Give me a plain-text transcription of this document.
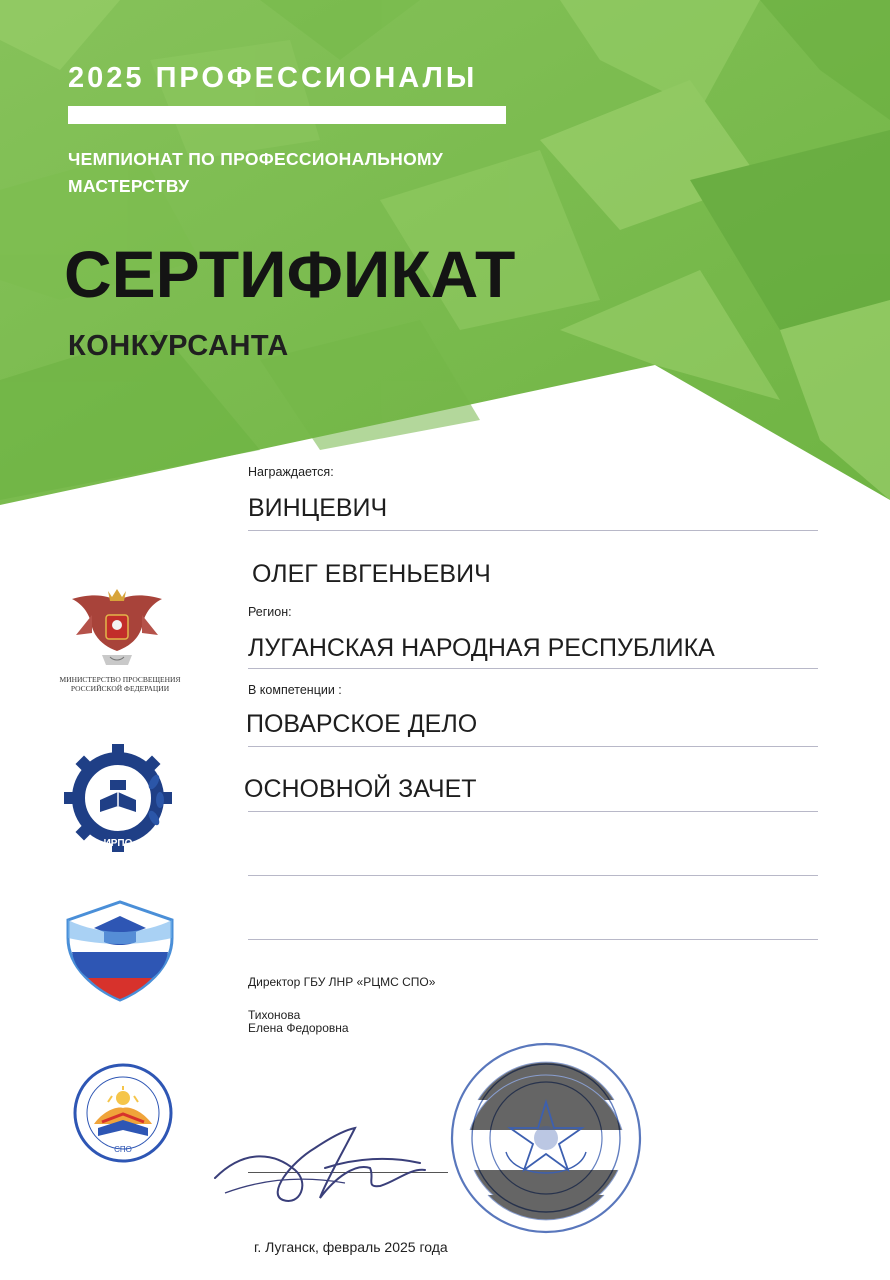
2025 ПРОФЕССИОНАЛЫ
ЧЕМПИОНАТ ПО ПРОФЕССИОНАЛЬНОМУ МАСТЕРСТВУ
СЕРТИФИКАТ
КОНКУРСАНТА
Награждается:
ВИНЦЕВИЧ
ОЛЕГ ЕВГЕНЬЕВИЧ
Регион:
ЛУГАНСКАЯ НАРОДНАЯ РЕСПУБЛИКА
В компетенции :
ПОВАРСКОЕ ДЕЛО
ОСНОВНОЙ ЗАЧЕТ
Директор ГБУ ЛНР «РЦМС СПО»
Тихонова
Елена Федоровна
МИНИСТЕРСТВО ПРОСВЕЩЕНИЯ РОССИЙСКОЙ ФЕДЕРАЦИИ
ИРПО
СПО
г. Луганск, февраль 2025 года
